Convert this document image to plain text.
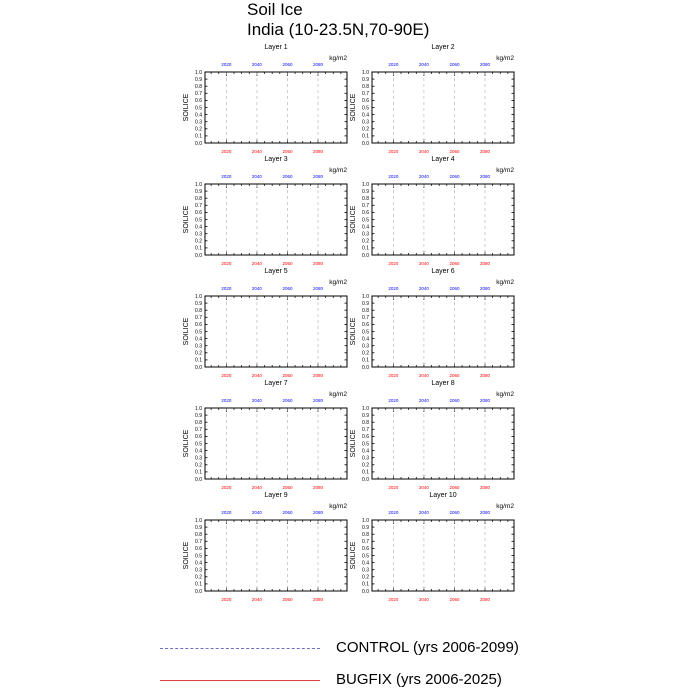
Soil Ice
India (10-23.5N,70-90E)
Layer 1
kg/m2
SOILICE
0.0
0.1
0.2
0.3
0.4
0.5
0.6
0.7
0.8
0.9
1.0
2020
2020
2040
2040
2060
2060
2080
2080
Layer 2
kg/m2
SOILICE
0.0
0.1
0.2
0.3
0.4
0.5
0.6
0.7
0.8
0.9
1.0
2020
2020
2040
2040
2060
2060
2080
2080
Layer 3
kg/m2
SOILICE
0.0
0.1
0.2
0.3
0.4
0.5
0.6
0.7
0.8
0.9
1.0
2020
2020
2040
2040
2060
2060
2080
2080
Layer 4
kg/m2
SOILICE
0.0
0.1
0.2
0.3
0.4
0.5
0.6
0.7
0.8
0.9
1.0
2020
2020
2040
2040
2060
2060
2080
2080
Layer 5
kg/m2
SOILICE
0.0
0.1
0.2
0.3
0.4
0.5
0.6
0.7
0.8
0.9
1.0
2020
2020
2040
2040
2060
2060
2080
2080
Layer 6
kg/m2
SOILICE
0.0
0.1
0.2
0.3
0.4
0.5
0.6
0.7
0.8
0.9
1.0
2020
2020
2040
2040
2060
2060
2080
2080
Layer 7
kg/m2
SOILICE
0.0
0.1
0.2
0.3
0.4
0.5
0.6
0.7
0.8
0.9
1.0
2020
2020
2040
2040
2060
2060
2080
2080
Layer 8
kg/m2
SOILICE
0.0
0.1
0.2
0.3
0.4
0.5
0.6
0.7
0.8
0.9
1.0
2020
2020
2040
2040
2060
2060
2080
2080
Layer 9
kg/m2
SOILICE
0.0
0.1
0.2
0.3
0.4
0.5
0.6
0.7
0.8
0.9
1.0
2020
2020
2040
2040
2060
2060
2080
2080
Layer 10
kg/m2
SOILICE
0.0
0.1
0.2
0.3
0.4
0.5
0.6
0.7
0.8
0.9
1.0
2020
2020
2040
2040
2060
2060
2080
2080
CONTROL (yrs 2006-2099)
BUGFIX (yrs 2006-2025)
